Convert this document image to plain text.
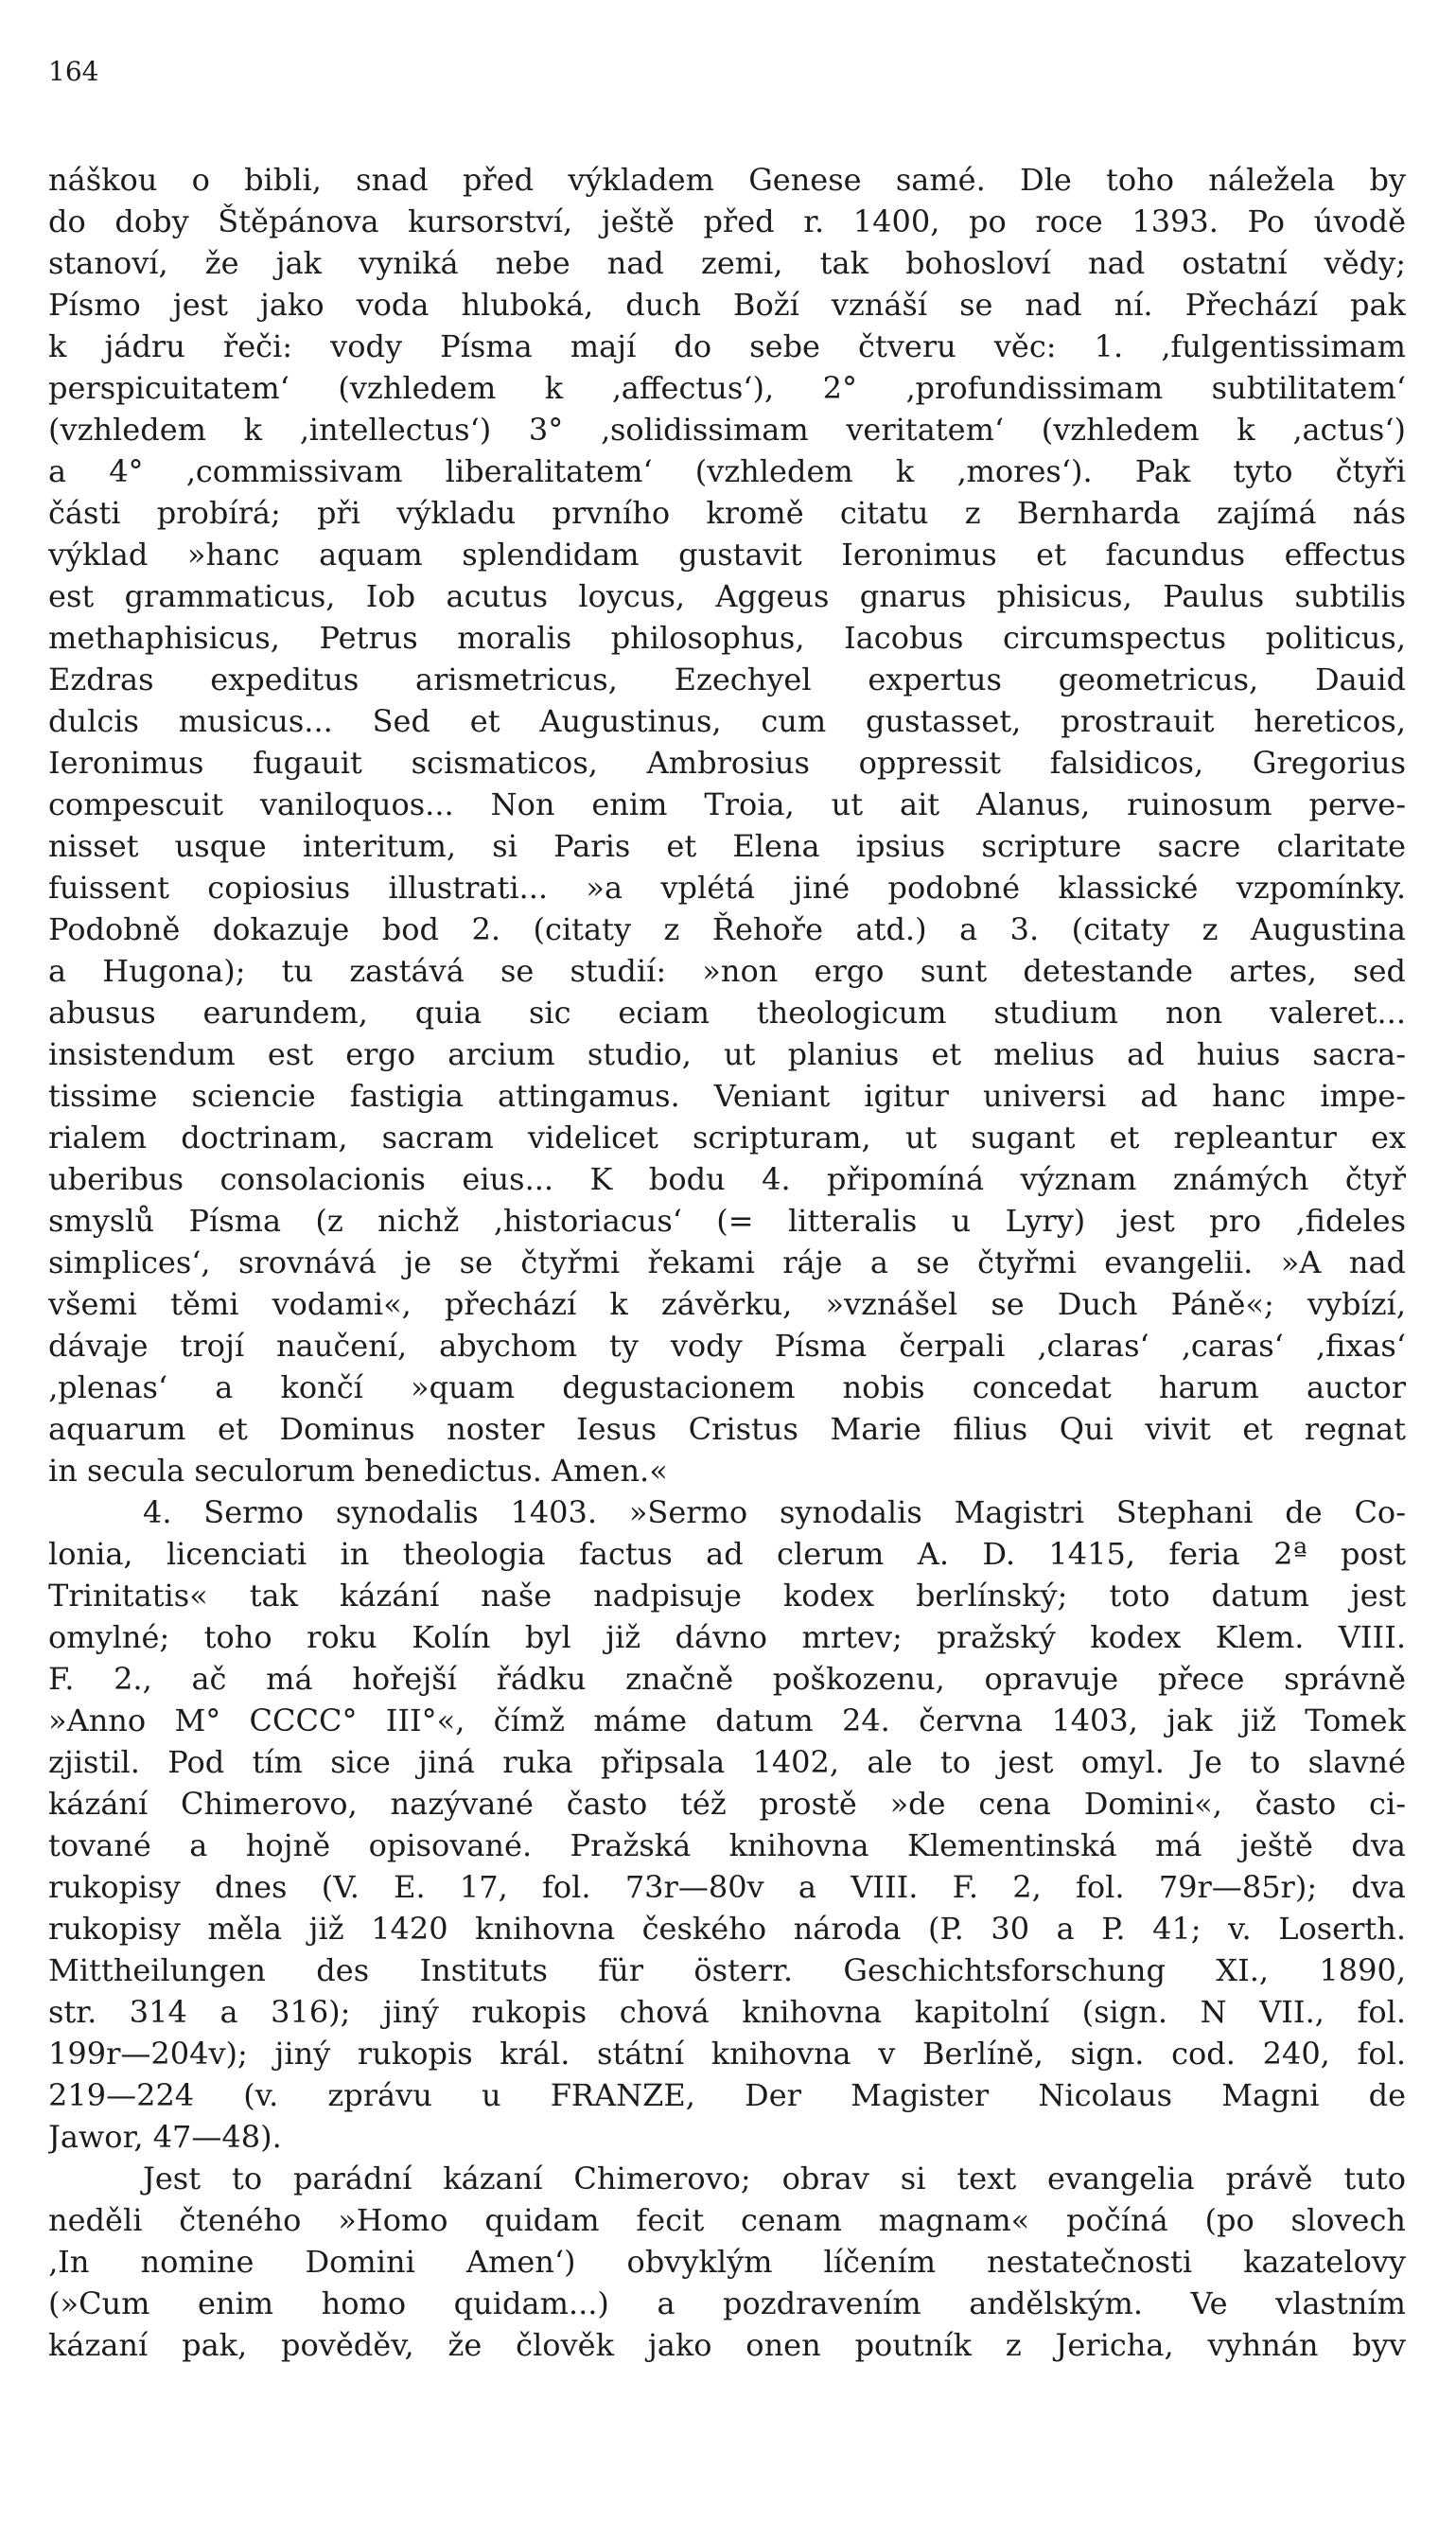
164
náškou o bibli, snad před výkladem Genese samé. Dle toho náležela by
do doby Štěpánova kursorství, ještě před r. 1400, po roce 1393. Po úvodě
stanoví, že jak vyniká nebe nad zemi, tak bohosloví nad ostatní vědy;
Písmo jest jako voda hluboká, duch Boží vznáší se nad ní. Přechází pak
k jádru řeči: vody Písma mají do sebe čtveru věc: 1. ‚fulgentissimam
perspicuitatem‘ (vzhledem k ‚affectus‘), 2° ‚profundissimam subtilitatem‘
(vzhledem k ‚intellectus‘) 3° ‚solidissimam veritatem‘ (vzhledem k ‚actus‘)
a 4° ‚commissivam liberalitatem‘ (vzhledem k ‚mores‘). Pak tyto čtyři
části probírá; při výkladu prvního kromě citatu z Bernharda zajímá nás
výklad »hanc aquam splendidam gustavit Ieronimus et facundus effectus
est grammaticus, Iob acutus loycus, Aggeus gnarus phisicus, Paulus subtilis
methaphisicus, Petrus moralis philosophus, Iacobus circumspectus politicus,
Ezdras expeditus arismetricus, Ezechyel expertus geometricus, Dauid
dulcis musicus... Sed et Augustinus, cum gustasset, prostrauit hereticos,
Ieronimus fugauit scismaticos, Ambrosius oppressit falsidicos, Gregorius
compescuit vaniloquos... Non enim Troia, ut ait Alanus, ruinosum perve-
nisset usque interitum, si Paris et Elena ipsius scripture sacre claritate
fuissent copiosius illustrati... »a vplétá jiné podobné klassické vzpomínky.
Podobně dokazuje bod 2. (citaty z Řehoře atd.) a 3. (citaty z Augustina
a Hugona); tu zastává se studií: »non ergo sunt detestande artes, sed
abusus earundem, quia sic eciam theologicum studium non valeret...
insistendum est ergo arcium studio, ut planius et melius ad huius sacra-
tissime sciencie fastigia attingamus. Veniant igitur universi ad hanc impe-
rialem doctrinam, sacram videlicet scripturam, ut sugant et repleantur ex
uberibus consolacionis eius... K bodu 4. připomíná význam známých čtyř
smyslů Písma (z nichž ‚historiacus‘ (= litteralis u Lyry) jest pro ‚fideles
simplices‘, srovnává je se čtyřmi řekami ráje a se čtyřmi evangelii. »A nad
všemi těmi vodami«, přechází k závěrku, »vznášel se Duch Páně«; vybízí,
dávaje trojí naučení, abychom ty vody Písma čerpali ‚claras‘ ‚caras‘ ‚fixas‘
‚plenas‘ a končí »quam degustacionem nobis concedat harum auctor
aquarum et Dominus noster Iesus Cristus Marie filius Qui vivit et regnat
in secula seculorum benedictus. Amen.«
4. Sermo synodalis 1403. »Sermo synodalis Magistri Stephani de Co-
lonia, licenciati in theologia factus ad clerum A. D. 1415, feria 2ª post
Trinitatis« tak kázání naše nadpisuje kodex berlínský; toto datum jest
omylné; toho roku Kolín byl již dávno mrtev; pražský kodex Klem. VIII.
F. 2., ač má hořejší řádku značně poškozenu, opravuje přece správně
»Anno M° CCCC° III°«, čímž máme datum 24. června 1403, jak již Tomek
zjistil. Pod tím sice jiná ruka připsala 1402, ale to jest omyl. Je to slavné
kázání Chimerovo, nazývané často též prostě »de cena Domini«, často ci-
tované a hojně opisované. Pražská knihovna Klementinská má ještě dva
rukopisy dnes (V. E. 17, fol. 73r—80v a VIII. F. 2, fol. 79r—85r); dva
rukopisy měla již 1420 knihovna českého národa (P. 30 a P. 41; v. Loserth.
Mittheilungen des Instituts für österr. Geschichtsforschung XI., 1890,
str. 314 a 316); jiný rukopis chová knihovna kapitolní (sign. N VII., fol.
199r—204v); jiný rukopis král. státní knihovna v Berlíně, sign. cod. 240, fol.
219—224 (v. zprávu u FRANZE, Der Magister Nicolaus Magni de
Jawor, 47—48).
Jest to parádní kázaní Chimerovo; obrav si text evangelia právě tuto
neděli čteného »Homo quidam fecit cenam magnam« počíná (po slovech
‚In nomine Domini Amen‘) obvyklým líčením nestatečnosti kazatelovy
(»Cum enim homo quidam...) a pozdravením andělským. Ve vlastním
kázaní pak, pověděv, že člověk jako onen poutník z Jericha, vyhnán byv
